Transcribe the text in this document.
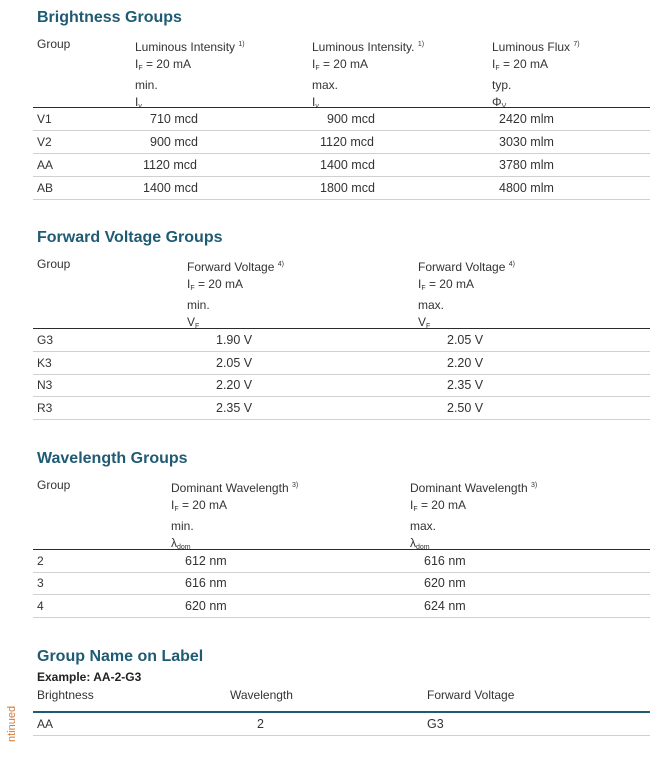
Brightness Groups
Group	Luminous Intensity $^{1)}$
$I_F = 20$ mA
min.
$I_v$
Luminous Intensity. $^{1)}$
$I_F = 20$ mA
max.
$I_v$
Luminous Flux $^{7)}$
$I_F = 20$ mA
typ.
$\Phi_V$
V1	710 mcd	900 mcd	2420 mlm
V2	900 mcd	1120 mcd	3030 mlm
AA	1120 mcd	1400 mcd	3780 mlm
AB	1400 mcd	1800 mcd	4800 mlm
Forward Voltage Groups
Group	Forward Voltage $^{4)}$
$I_F = 20$ mA
min.
$V_F$
Forward Voltage $^{4)}$
$I_F = 20$ mA
max.
$V_F$
G3	1.90 V	2.05 V
K3	2.05 V	2.20 V
N3	2.20 V	2.35 V
R3	2.35 V	2.50 V
Wavelength Groups
Group	Dominant Wavelength $^{3)}$
$I_F = 20$ mA
min.
$\lambda_{dom}$
Dominant Wavelength $^{3)}$
$I_F = 20$ mA
max.
$\lambda_{dom}$
2	612 nm	616 nm
3	616 nm	620 nm
4	620 nm	624 nm
Group Name on Label
Example: AA-2-G3
Brightness	Wavelength	Forward Voltage
AA	2	G3
ntinued
